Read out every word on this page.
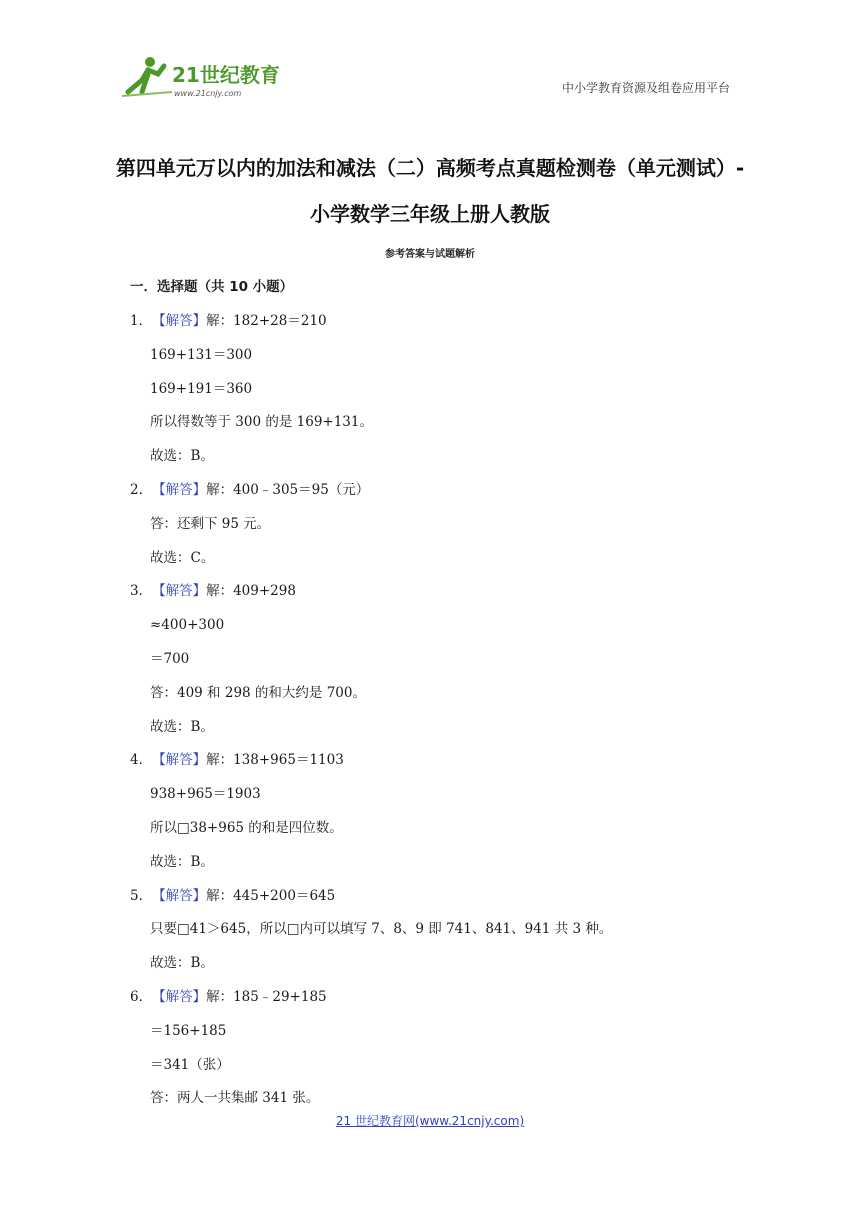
21世纪教育
www.21cnjy.com	中小学教育资源及组卷应用平台
第四单元万以内的加法和减法（二）高频考点真题检测卷（单元测试）-小学数学三年级上册人教版
参考答案与试题解析
一．选择题（共 10 小题）
1．【解答】解：182+28＝210
169+131＝300
169+191＝360
所以得数等于 300 的是 169+131。
故选：B。
2．【解答】解：400﹣305＝95（元）
答：还剩下 95 元。
故选：C。
3．【解答】解：409+298
≈400+300
＝700
答：409 和 298 的和大约是 700。
故选：B。
4．【解答】解：138+965＝1103
938+965＝1903
所以□38+965 的和是四位数。
故选：B。
5．【解答】解：445+200＝645
只要□41＞645，所以□内可以填写 7、8、9 即 741、841、941 共 3 种。
故选：B。
6．【解答】解：185﹣29+185
＝156+185
＝341（张）
答：两人一共集邮 341 张。
21 世纪教育网(www.21cnjy.com)
